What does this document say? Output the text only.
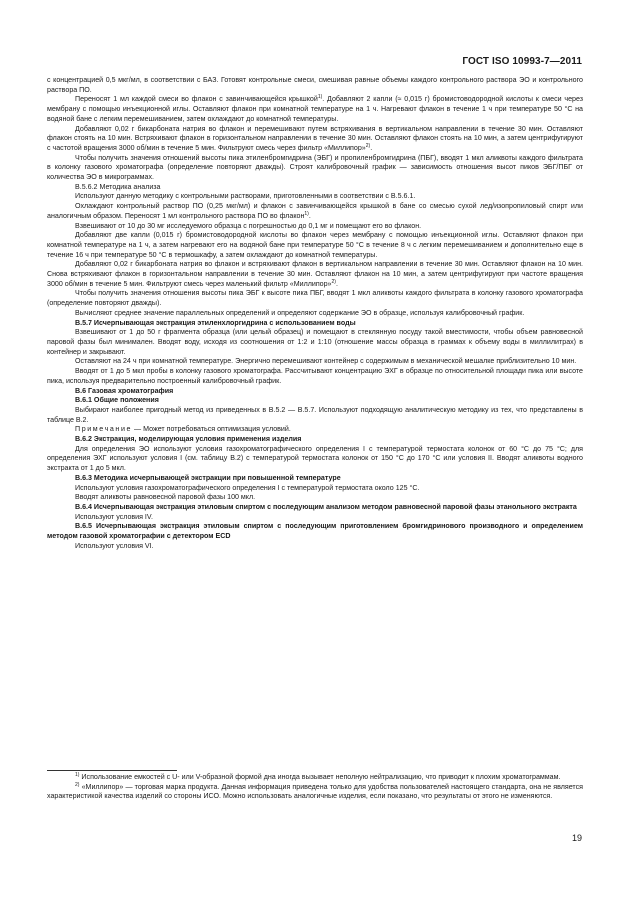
ГОСТ ISO 10993-7—2011

с концентрацией 0,5 мкг/мл, в соответствии с БАЗ. Готовят контрольные смеси, смешивая равные объемы каждого контрольного раствора ЭО и контрольного раствора ПО.

Переносят 1 мл каждой смеси во флакон с завинчивающейся крышкой$^{1)}$. Добавляют 2 капли (≈ 0,015 г) бромистоводородной кислоты к смеси через мембрану с помощью инъекционной иглы. Оставляют флакон при комнатной температуре на 1 ч. Нагревают флакон в течение 1 ч при температуре 50 °С на водяной бане с легким перемешиванием, затем охлаждают до комнатной температуры.

Добавляют 0,02 г бикарбоната натрия во флакон и перемешивают путем встряхивания в вертикальном направлении в течение 30 мин. Оставляют флакон стоять на 10 мин. Встряхивают флакон в горизонтальном направлении в течение 30 мин. Оставляют флакон стоять на 10 мин, а затем центрифугируют с частотой вращения 3000 об/мин в течение 5 мин. Фильтруют смесь через фильтр «Миллипор»$^{2)}$.

Чтобы получить значения отношений высоты пика этиленбромгидрина (ЭБГ) и пропиленбромгидрина (ПБГ), вводят 1 мкл аликвоты каждого фильтрата в колонку газового хроматографа (определение повторяют дважды). Строят калибровочный график — зависимость отношения высот пиков ЭБГ/ПБГ от количества ЭО в микрограммах.

В.5.6.2 Методика анализа

Используют данную методику с контрольными растворами, приготовленными в соответствии с В.5.6.1.

Охлаждают контрольный раствор ПО (0,25 мкг/мл) и флакон с завинчивающейся крышкой в бане со смесью сухой лед/изопропиловый спирт или аналогичным образом. Переносят 1 мл контрольного раствора ПО во флакон$^{1)}$.

Взвешивают от 10 до 30 мг исследуемого образца с погрешностью до 0,1 мг и помещают его во флакон.

Добавляют две капли (0,015 г) бромистоводородной кислоты во флакон через мембрану с помощью инъекционной иглы. Оставляют флакон при комнатной температуре на 1 ч, а затем нагревают его на водяной бане при температуре 50 °С в течение 8 ч с легким перемешиванием и дополнительно еще в течение 16 ч при температуре 50 °С в термошкафу, а затем охлаждают до комнатной температуры.

Добавляют 0,02 г бикарбоната натрия во флакон и встряхивают флакон в вертикальном направлении в течение 30 мин. Оставляют флакон на 10 мин. Снова встряхивают флакон в горизонтальном направлении в течение 30 мин. Оставляют флакон на 10 мин, а затем центрифугируют при частоте вращения 3000 об/мин в течение 5 мин. Фильтруют смесь через маленький фильтр «Миллипор»$^{2)}$.

Чтобы получить значения отношения высоты пика ЭБГ к высоте пика ПБГ, вводят 1 мкл аликвоты каждого фильтрата в колонку газового хроматографа (определение повторяют дважды).

Вычисляют среднее значение параллельных определений и определяют содержание ЭО в образце, используя калибровочный график.

В.5.7 Исчерпывающая экстракция этиленхлоргидрина с использованием воды

Взвешивают от 1 до 50 г фрагмента образца (или целый образец) и помещают в стеклянную посуду такой вместимости, чтобы объем равновесной паровой фазы был минимален. Вводят воду, исходя из соотношения от 1:2 и 1:10 (отношение массы образца в граммах к объему воды в миллилитрах) в контейнер и закрывают.

Оставляют на 24 ч при комнатной температуре. Энергично перемешивают контейнер с содержимым в механической мешалке приблизительно 10 мин.

Вводят от 1 до 5 мкл пробы в колонку газового хроматографа. Рассчитывают концентрацию ЭХГ в образце по относительной площади пика или высоте пика, используя предварительно построенный калибровочный график.

В.6 Газовая хроматография

В.6.1 Общие положения

Выбирают наиболее пригодный метод из приведенных в В.5.2 — В.5.7. Используют подходящую аналитическую методику из тех, что представлены в таблице В.2.

Примечание — Может потребоваться оптимизация условий.

В.6.2 Экстракция, моделирующая условия применения изделия

Для определения ЭО используют условия газохроматографического определения I с температурой термостата колонок от 60 °С до 75 °С; для определения ЭХГ используют условия I (см. таблицу В.2) с температурой термостата колонок от 150 °С до 170 °С или условия II. Вводят аликвоты водного экстракта от 1 до 5 мкл.

В.6.3 Методика исчерпывающей экстракции при повышенной температуре

Используют условия газохроматографического определения I с температурой термостата около 125 °С.

Вводят аликвоты равновесной паровой фазы 100 мкл.

В.6.4 Исчерпывающая экстракция этиловым спиртом с последующим анализом методом равновесной паровой фазы этанольного экстракта

Используют условия IV.

В.6.5 Исчерпывающая экстракция этиловым спиртом с последующим приготовлением бромгидринового производного и определением методом газовой хроматографии с детектором ECD

Используют условия VI.

$^{1)}$ Использование емкостей с U- или V-образной формой дна иногда вызывает неполную нейтрализацию, что приводит к плохим хроматограммам.

$^{2)}$ «Миллипор» — торговая марка продукта. Данная информация приведена только для удобства пользователей настоящего стандарта, она не является характеристикой качества изделий со стороны ИСО. Можно использовать аналогичные изделия, если показано, что результаты от этого не изменяются.

19
